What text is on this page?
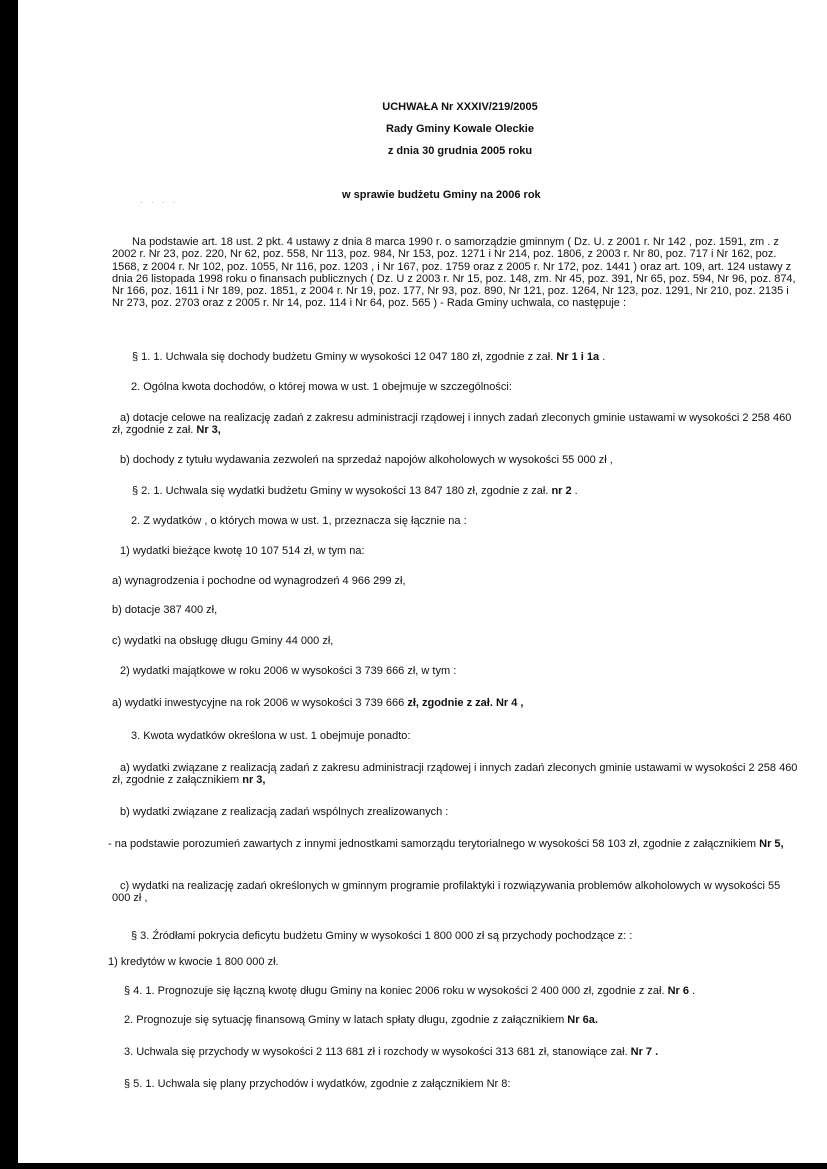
· · · ·
UCHWAŁA Nr XXXIV/219/2005
Rady Gminy Kowale Oleckie
z dnia 30 grudnia 2005 roku
w sprawie budżetu Gminy na 2006 rok
Na podstawie art. 18 ust. 2 pkt. 4 ustawy z dnia 8 marca 1990 r. o samorządzie gminnym ( Dz. U. z 2001 r. Nr 142 , poz. 1591, zm . z 2002 r. Nr 23, poz. 220, Nr 62, poz. 558, Nr 113, poz. 984, Nr 153, poz. 1271 i Nr 214, poz. 1806, z 2003 r. Nr 80, poz. 717 i Nr 162, poz. 1568, z 2004 r. Nr 102, poz. 1055, Nr 116, poz. 1203 , i Nr 167, poz. 1759 oraz z 2005 r. Nr 172, poz. 1441 ) oraz art. 109, art. 124 ustawy z dnia 26 listopada 1998 roku o finansach publicznych ( Dz. U z 2003 r. Nr 15, poz. 148, zm. Nr 45, poz. 391, Nr 65, poz. 594, Nr 96, poz. 874, Nr 166, poz. 1611 i Nr 189, poz. 1851, z 2004 r. Nr 19, poz. 177, Nr 93, poz. 890, Nr 121, poz. 1264, Nr 123, poz. 1291, Nr 210, poz. 2135 i Nr 273, poz. 2703 oraz z 2005 r. Nr 14, poz. 114 i Nr 64, poz. 565 ) - Rada Gminy uchwala, co następuje :
§ 1. 1. Uchwala się dochody budżetu Gminy w wysokości 12 047 180 zł, zgodnie z zał. Nr 1 i 1a .
2. Ogólna kwota dochodów, o której mowa w ust. 1 obejmuje w szczególności:
a) dotacje celowe na realizację zadań z zakresu administracji rządowej i innych zadań zleconych gminie ustawami w wysokości 2 258 460 zł, zgodnie z zał. Nr 3,
b) dochody z tytułu wydawania zezwoleń na sprzedaż napojów alkoholowych w wysokości 55 000 zł ,
§ 2. 1. Uchwala się wydatki budżetu Gminy w wysokości 13 847 180 zł, zgodnie z zał. nr 2 .
2. Z wydatków , o których mowa w ust. 1, przeznacza się łącznie na :
1) wydatki bieżące kwotę 10 107 514 zł, w tym na:
a) wynagrodzenia i pochodne od wynagrodzeń 4 966 299 zł,
b) dotacje 387 400 zł,
c) wydatki na obsługę długu Gminy 44 000 zł,
2) wydatki majątkowe w roku 2006 w wysokości 3 739 666 zł, w tym :
a) wydatki inwestycyjne na rok 2006 w wysokości 3 739 666 zł, zgodnie z zał. Nr 4 ,
3. Kwota wydatków określona w ust. 1 obejmuje ponadto:
a) wydatki związane z realizacją zadań z zakresu administracji rządowej i innych zadań zleconych gminie ustawami w wysokości 2 258 460 zł, zgodnie z załącznikiem nr 3,
b) wydatki związane z realizacją zadań wspólnych zrealizowanych :
- na podstawie porozumień zawartych z innymi jednostkami samorządu terytorialnego w wysokości 58 103 zł, zgodnie z załącznikiem Nr 5,
c) wydatki na realizację zadań określonych w gminnym programie profilaktyki i rozwiązywania problemów alkoholowych w wysokości 55 000 zł ,
§ 3. Źródłami pokrycia deficytu budżetu Gminy w wysokości 1 800 000 zł są przychody pochodzące z: :
1) kredytów w kwocie 1 800 000 zł.
§ 4. 1. Prognozuje się łączną kwotę długu Gminy na koniec 2006 roku w wysokości 2 400 000 zł, zgodnie z zał. Nr 6 .
2. Prognozuje się sytuację finansową Gminy w latach spłaty długu, zgodnie z załącznikiem Nr 6a.
3. Uchwala się przychody w wysokości 2 113 681 zł i rozchody w wysokości 313 681 zł, stanowiące zał. Nr 7 .
§ 5. 1. Uchwala się plany przychodów i wydatków, zgodnie z załącznikiem Nr 8:
